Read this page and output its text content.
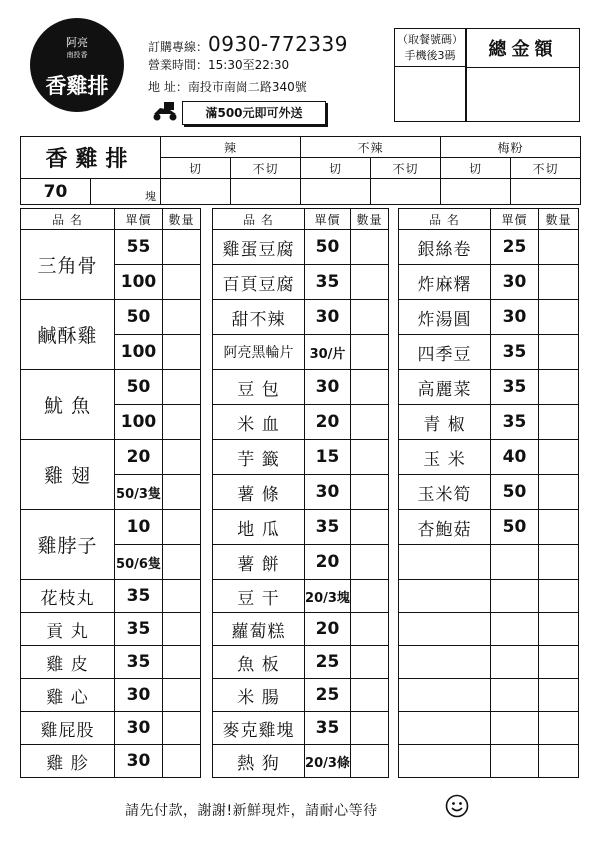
阿亮
南投香
香雞排
訂購專線：0930-772339
營業時間：15:30至22:30
地 址：南投市南崗二路340號
滿500元即可外送
（取餐號碼）
手機後3碼	總金額
香雞排		辣		不辣		梅粉	
		切	不切	切	不切	切	不切
70	塊						
品 名	單價	數量
三角骨	55	
	100	
鹹酥雞	50	
	100	
魷 魚	50	
	100	
雞 翅	20	
	50/3隻	
雞脖子	10	
	50/6隻	
花枝丸	35	
貢 丸	35	
雞 皮	35	
雞 心	30	
雞屁股	30	
雞 胗	30	
品 名	單價	數量
雞蛋豆腐	50	
百頁豆腐	35	
甜不辣	30	
阿亮黑輪片	30/片	
豆 包	30	
米 血	20	
芋 籤	15	
薯 條	30	
地 瓜	35	
薯 餅	20	
豆 干	20/3塊	
蘿蔔糕	20	
魚 板	25	
米 腸	25	
麥克雞塊	35	
熱 狗	20/3條	
品 名	單價	數量
銀絲卷	25	
炸麻糬	30	
炸湯圓	30	
四季豆	35	
高麗菜	35	
青 椒	35	
玉 米	40	
玉米筍	50	
杏鮑菇	50	

請先付款，謝謝!新鮮現炸，請耐心等待
